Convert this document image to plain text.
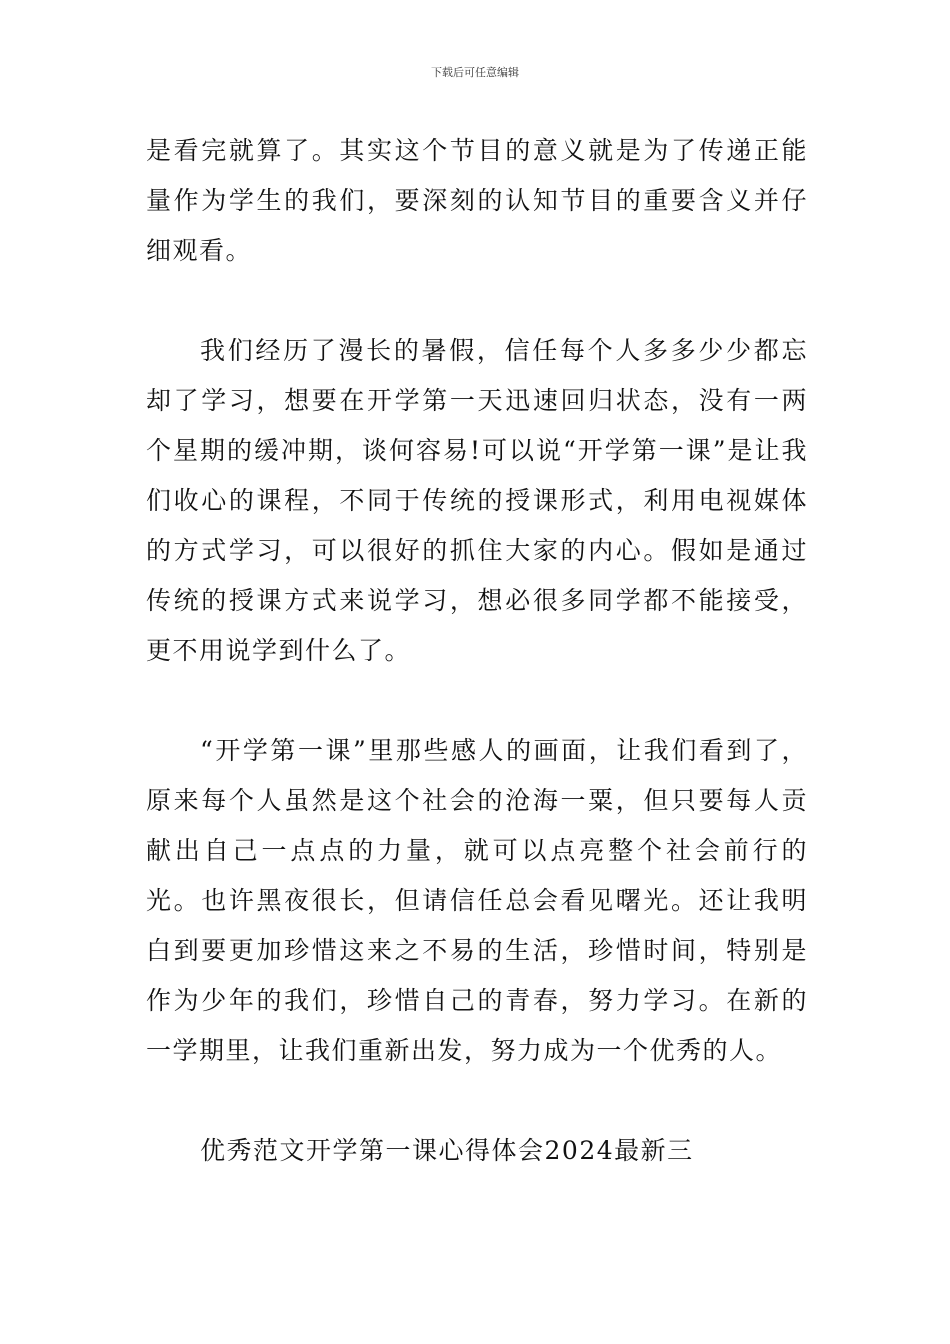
下载后可任意编辑

是看完就算了。其实这个节目的意义就是为了传递正能量作为学生的我们，要深刻的认知节目的重要含义并仔细观看。

我们经历了漫长的暑假，信任每个人多多少少都忘却了学习，想要在开学第一天迅速回归状态，没有一两个星期的缓冲期，谈何容易!可以说“开学第一课”是让我们收心的课程，不同于传统的授课形式，利用电视媒体的方式学习，可以很好的抓住大家的内心。假如是通过传统的授课方式来说学习，想必很多同学都不能接受，更不用说学到什么了。

“开学第一课”里那些感人的画面，让我们看到了，原来每个人虽然是这个社会的沧海一粟，但只要每人贡献出自己一点点的力量，就可以点亮整个社会前行的光。也许黑夜很长，但请信任总会看见曙光。还让我明白到要更加珍惜这来之不易的生活，珍惜时间，特别是作为少年的我们，珍惜自己的青春，努力学习。在新的一学期里，让我们重新出发，努力成为一个优秀的人。

优秀范文开学第一课心得体会2024最新三
